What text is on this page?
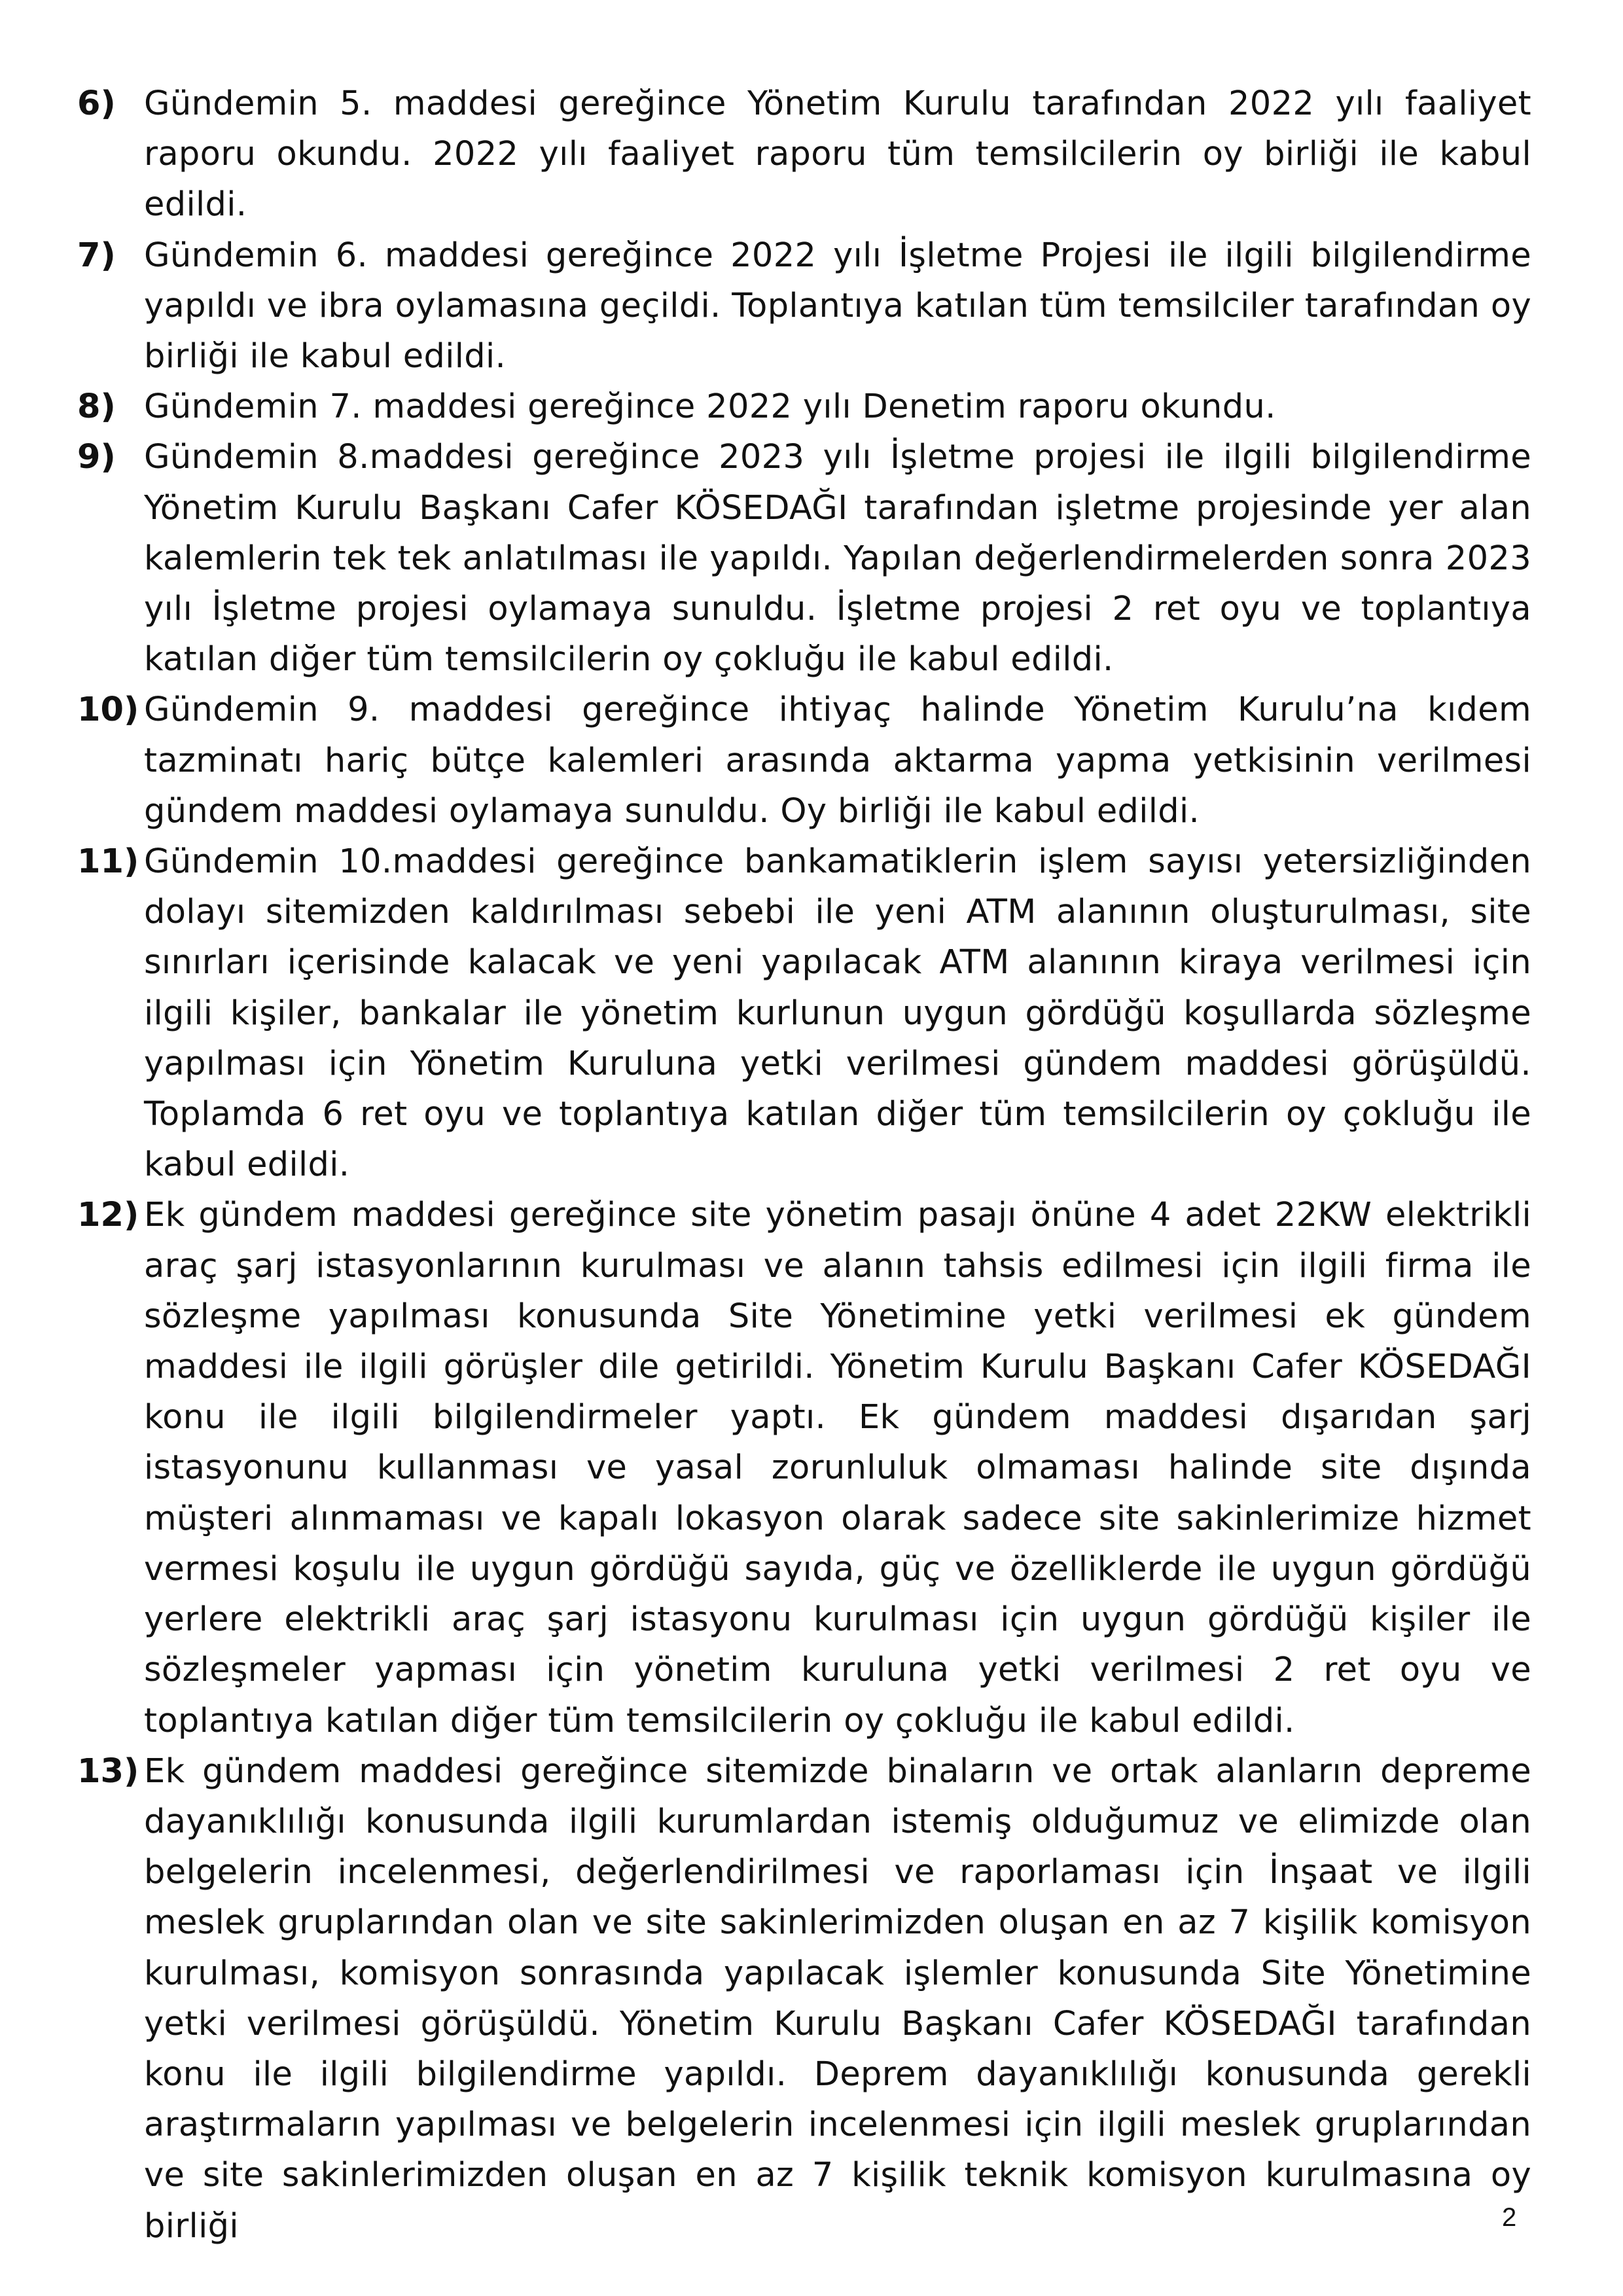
6) Gündemin 5. maddesi gereğince Yönetim Kurulu tarafından 2022 yılı faaliyet raporu okundu. 2022 yılı faaliyet raporu tüm temsilcilerin oy birliği ile kabul edildi.
7) Gündemin 6. maddesi gereğince 2022 yılı İşletme Projesi ile ilgili bilgilendirme yapıldı ve ibra oylamasına geçildi. Toplantıya katılan tüm temsilciler tarafından oy birliği ile kabul edildi.
8) Gündemin 7. maddesi gereğince 2022 yılı Denetim raporu okundu.
9) Gündemin 8.maddesi gereğince 2023 yılı İşletme projesi ile ilgili bilgilendirme Yönetim Kurulu Başkanı Cafer KÖSEDAĞI tarafından işletme projesinde yer alan kalemlerin tek tek anlatılması ile yapıldı. Yapılan değerlendirmelerden sonra 2023 yılı İşletme projesi oylamaya sunuldu. İşletme projesi 2 ret oyu ve toplantıya katılan diğer tüm temsilcilerin oy çokluğu ile kabul edildi.
10) Gündemin 9. maddesi gereğince ihtiyaç halinde Yönetim Kurulu’na kıdem tazminatı hariç bütçe kalemleri arasında aktarma yapma yetkisinin verilmesi gündem maddesi oylamaya sunuldu. Oy birliği ile kabul edildi.
11) Gündemin 10.maddesi gereğince bankamatiklerin işlem sayısı yetersizliğinden dolayı sitemizden kaldırılması sebebi ile yeni ATM alanının oluşturulması, site sınırları içerisinde kalacak ve yeni yapılacak ATM alanının kiraya verilmesi için ilgili kişiler, bankalar ile yönetim kurlunun uygun gördüğü koşullarda sözleşme yapılması için Yönetim Kuruluna yetki verilmesi gündem maddesi görüşüldü. Toplamda 6 ret oyu ve toplantıya katılan diğer tüm temsilcilerin oy çokluğu ile kabul edildi.
12) Ek gündem maddesi gereğince site yönetim pasajı önüne 4 adet 22KW elektrikli araç şarj istasyonlarının kurulması ve alanın tahsis edilmesi için ilgili firma ile sözleşme yapılması konusunda Site Yönetimine yetki verilmesi ek gündem maddesi ile ilgili görüşler dile getirildi. Yönetim Kurulu Başkanı Cafer KÖSEDAĞI konu ile ilgili bilgilendirmeler yaptı. Ek gündem maddesi dışarıdan şarj istasyonunu kullanması ve yasal zorunluluk olmaması halinde site dışında müşteri alınmaması ve kapalı lokasyon olarak sadece site sakinlerimize hizmet vermesi koşulu ile uygun gördüğü sayıda, güç ve özelliklerde ile uygun gördüğü yerlere elektrikli araç şarj istasyonu kurulması için uygun gördüğü kişiler ile sözleşmeler yapması için yönetim kuruluna yetki verilmesi 2 ret oyu ve toplantıya katılan diğer tüm temsilcilerin oy çokluğu ile kabul edildi.
13) Ek gündem maddesi gereğince sitemizde binaların ve ortak alanların depreme dayanıklılığı konusunda ilgili kurumlardan istemiş olduğumuz ve elimizde olan belgelerin incelenmesi, değerlendirilmesi ve raporlaması için İnşaat ve ilgili meslek gruplarından olan ve site sakinlerimizden oluşan en az 7 kişilik komisyon kurulması, komisyon sonrasında yapılacak işlemler konusunda Site Yönetimine yetki verilmesi görüşüldü. Yönetim Kurulu Başkanı Cafer KÖSEDAĞI tarafından konu ile ilgili bilgilendirme yapıldı. Deprem dayanıklılığı konusunda gerekli araştırmaların yapılması ve belgelerin incelenmesi için ilgili meslek gruplarından ve site sakinlerimizden oluşan en az 7 kişilik teknik komisyon kurulmasına oy birliği	2
